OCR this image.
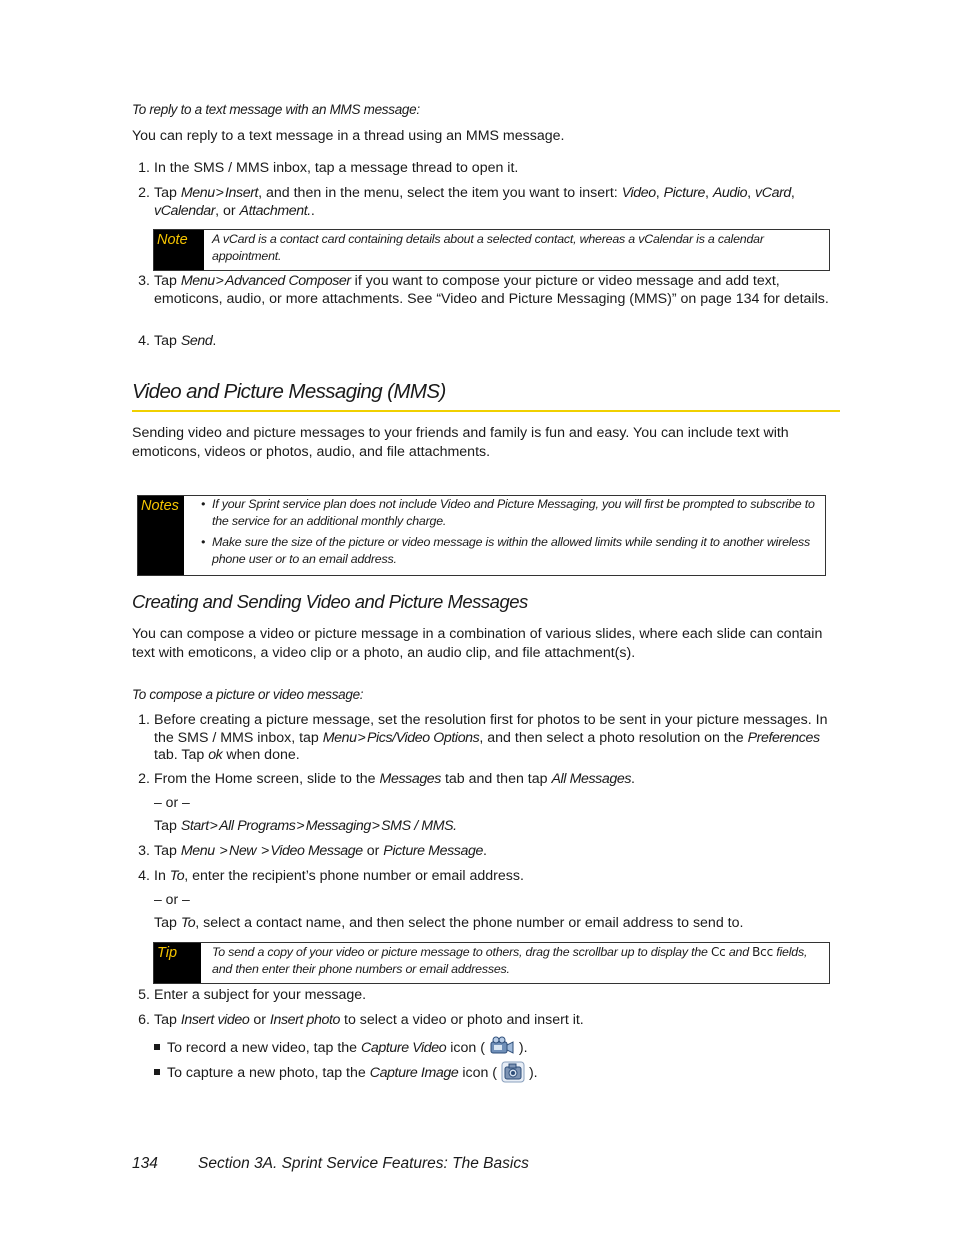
To reply to a text message with an MMS message:
You can reply to a text message in a thread using an MMS message.
1. In the SMS / MMS inbox, tap a message thread to open it.
2. Tap Menu>Insert, and then in the menu, select the item you want to insert: Video, Picture, Audio, vCard, vCalendar, or Attachment..
Note	A vCard is a contact card containing details about a selected contact, whereas a vCalendar is a calendar appointment.
3. Tap Menu>Advanced Composer if you want to compose your picture or video message and add text, emoticons, audio, or more attachments. See “Video and Picture Messaging (MMS)” on page 134 for details.
4. Tap Send.
Video and Picture Messaging (MMS)
Sending video and picture messages to your friends and family is fun and easy. You can include text with emoticons, videos or photos, audio, and file attachments.
Notes	• If your Sprint service plan does not include Video and Picture Messaging, you will first be prompted to subscribe to the service for an additional monthly charge.
• Make sure the size of the picture or video message is within the allowed limits while sending it to another wireless phone user or to an email address.
Creating and Sending Video and Picture Messages
You can compose a video or picture message in a combination of various slides, where each slide can contain text with emoticons, a video clip or a photo, an audio clip, and file attachment(s).
To compose a picture or video message:
1. Before creating a picture message, set the resolution first for photos to be sent in your picture messages. In the SMS / MMS inbox, tap Menu>Pics/Video Options, and then select a photo resolution on the Preferences tab. Tap ok when done.
2. From the Home screen, slide to the Messages tab and then tap All Messages.
– or –
Tap Start>All Programs>Messaging>SMS / MMS.
3. Tap Menu >New >Video Message or Picture Message.
4. In To, enter the recipient’s phone number or email address.
– or –
Tap To, select a contact name, and then select the phone number or email address to send to.
Tip	To send a copy of your video or picture message to others, drag the scrollbar up to display the Cc and Bcc fields, and then enter their phone numbers or email addresses.
5. Enter a subject for your message.
6. Tap Insert video or Insert photo to select a video or photo and insert it.
To record a new video, tap the Capture Video icon ( ).
To capture a new photo, tap the Capture Image icon ( ).
134	Section 3A. Sprint Service Features: The Basics
